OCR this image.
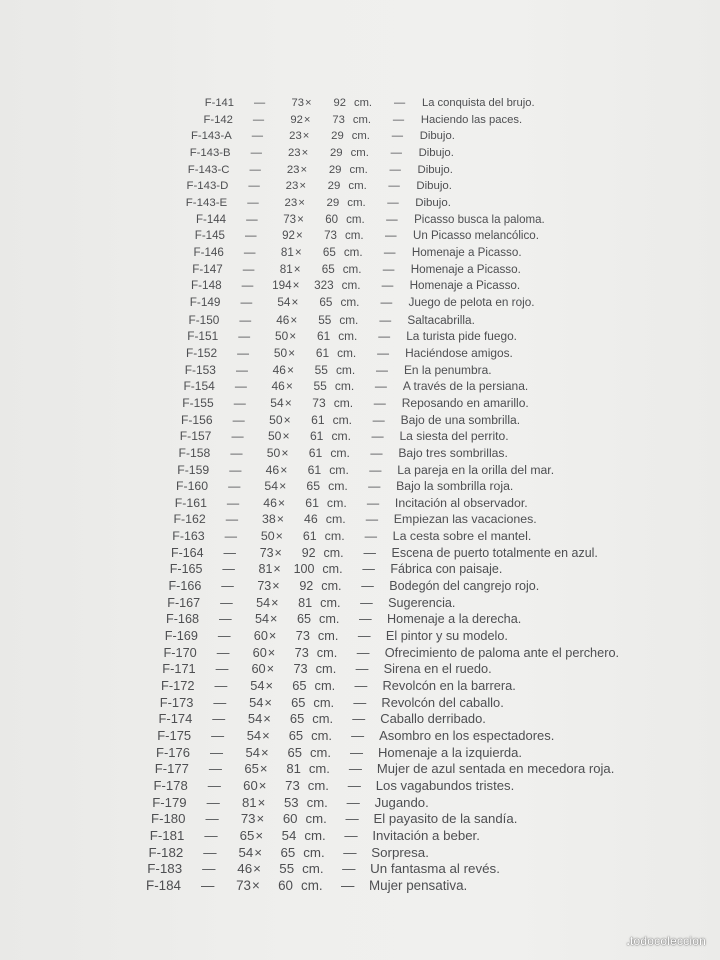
F-141 —	73 ×	92 cm. — La conquista del brujo.
F-142 —	92 ×	73 cm. — Haciendo las paces.
F-143-A —	23 ×	29 cm. — Dibujo.
F-143-B —	23 ×	29 cm. — Dibujo.
F-143-C —	23 ×	29 cm. — Dibujo.
F-143-D —	23 ×	29 cm. — Dibujo.
F-143-E —	23 ×	29 cm. — Dibujo.
F-144 —	73 ×	60 cm. — Picasso busca la paloma.
F-145 —	92 ×	73 cm. — Un Picasso melancólico.
F-146 —	81 ×	65 cm. — Homenaje a Picasso.
F-147 —	81 ×	65 cm. — Homenaje a Picasso.
F-148 —	194 ×	323 cm. — Homenaje a Picasso.
F-149 —	54 ×	65 cm. — Juego de pelota en rojo.
F-150 —	46 ×	55 cm. — Saltacabrilla.
F-151 —	50 ×	61 cm. — La turista pide fuego.
F-152 —	50 ×	61 cm. — Haciéndose amigos.
F-153 —	46 ×	55 cm. — En la penumbra.
F-154 —	46 ×	55 cm. — A través de la persiana.
F-155 —	54 ×	73 cm. — Reposando en amarillo.
F-156 —	50 ×	61 cm. — Bajo de una sombrilla.
F-157 —	50 ×	61 cm. — La siesta del perrito.
F-158 —	50 ×	61 cm. — Bajo tres sombrillas.
F-159 —	46 ×	61 cm. — La pareja en la orilla del mar.
F-160 —	54 ×	65 cm. — Bajo la sombrilla roja.
F-161 —	46 ×	61 cm. — Incitación al observador.
F-162 —	38 ×	46 cm. — Empiezan las vacaciones.
F-163 —	50 ×	61 cm. — La cesta sobre el mantel.
F-164 —	73 ×	92 cm. — Escena de puerto totalmente en azul.
F-165 —	81 ×	100 cm. — Fábrica con paisaje.
F-166 —	73 ×	92 cm. — Bodegón del cangrejo rojo.
F-167 —	54 ×	81 cm. — Sugerencia.
F-168 —	54 ×	65 cm. — Homenaje a la derecha.
F-169 —	60 ×	73 cm. — El pintor y su modelo.
F-170 —	60 ×	73 cm. — Ofrecimiento de paloma ante el perchero.
F-171 —	60 ×	73 cm. — Sirena en el ruedo.
F-172 —	54 ×	65 cm. — Revolcón en la barrera.
F-173 —	54 ×	65 cm. — Revolcón del caballo.
F-174 —	54 ×	65 cm. — Caballo derribado.
F-175 —	54 ×	65 cm. — Asombro en los espectadores.
F-176 —	54 ×	65 cm. — Homenaje a la izquierda.
F-177 —	65 ×	81 cm. — Mujer de azul sentada en mecedora roja.
F-178 —	60 ×	73 cm. — Los vagabundos tristes.
F-179 —	81 ×	53 cm. — Jugando.
F-180 —	73 ×	60 cm. — El payasito de la sandía.
F-181 —	65 ×	54 cm. — Invitación a beber.
F-182 —	54 ×	65 cm. — Sorpresa.
F-183 —	46 ×	55 cm. — Un fantasma al revés.
F-184 —	73 ×	60 cm. — Mujer pensativa.
.todocoleccion
